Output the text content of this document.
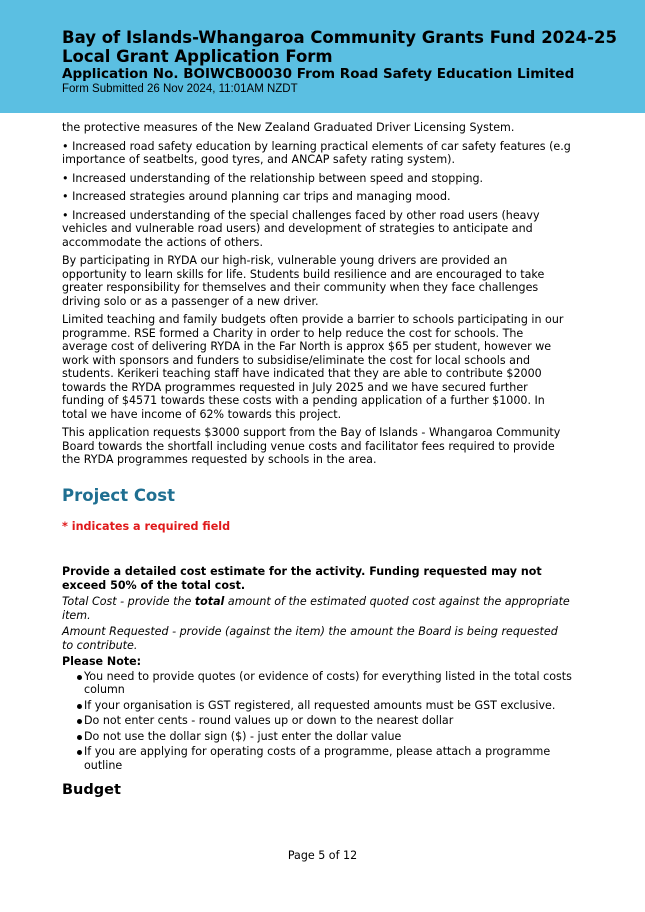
Bay of Islands-Whangaroa Community Grants Fund 2024-25
Local Grant Application Form
Application No. BOIWCB00030 From Road Safety Education Limited
Form Submitted 26 Nov 2024, 11:01AM NZDT

the protective measures of the New Zealand Graduated Driver Licensing System.

• Increased road safety education by learning practical elements of car safety features (e.g importance of seatbelts, good tyres, and ANCAP safety rating system).

• Increased understanding of the relationship between speed and stopping.

• Increased strategies around planning car trips and managing mood.

• Increased understanding of the special challenges faced by other road users (heavy vehicles and vulnerable road users) and development of strategies to anticipate and accommodate the actions of others.

By participating in RYDA our high-risk, vulnerable young drivers are provided an opportunity to learn skills for life. Students build resilience and are encouraged to take greater responsibility for themselves and their community when they face challenges driving solo or as a passenger of a new driver.

Limited teaching and family budgets often provide a barrier to schools participating in our programme. RSE formed a Charity in order to help reduce the cost for schools. The average cost of delivering RYDA in the Far North is approx $65 per student, however we work with sponsors and funders to subsidise/eliminate the cost for local schools and students. Kerikeri teaching staff have indicated that they are able to contribute $2000 towards the RYDA programmes requested in July 2025 and we have secured further funding of $4571 towards these costs with a pending application of a further $1000. In total we have income of 62% towards this project.

This application requests $3000 support from the Bay of Islands - Whangaroa Community Board towards the shortfall including venue costs and facilitator fees required to provide the RYDA programmes requested by schools in the area.

Project Cost
* indicates a required field

Provide a detailed cost estimate for the activity. Funding requested may not exceed 50% of the total cost.

Total Cost - provide the total amount of the estimated quoted cost against the appropriate item.

Amount Requested - provide (against the item) the amount the Board is being requested to contribute.

Please Note:

You need to provide quotes (or evidence of costs) for everything listed in the total costs column
If your organisation is GST registered, all requested amounts must be GST exclusive.
Do not enter cents - round values up or down to the nearest dollar
Do not use the dollar sign ($) - just enter the dollar value
If you are applying for operating costs of a programme, please attach a programme outline
Budget
Page 5 of 12
